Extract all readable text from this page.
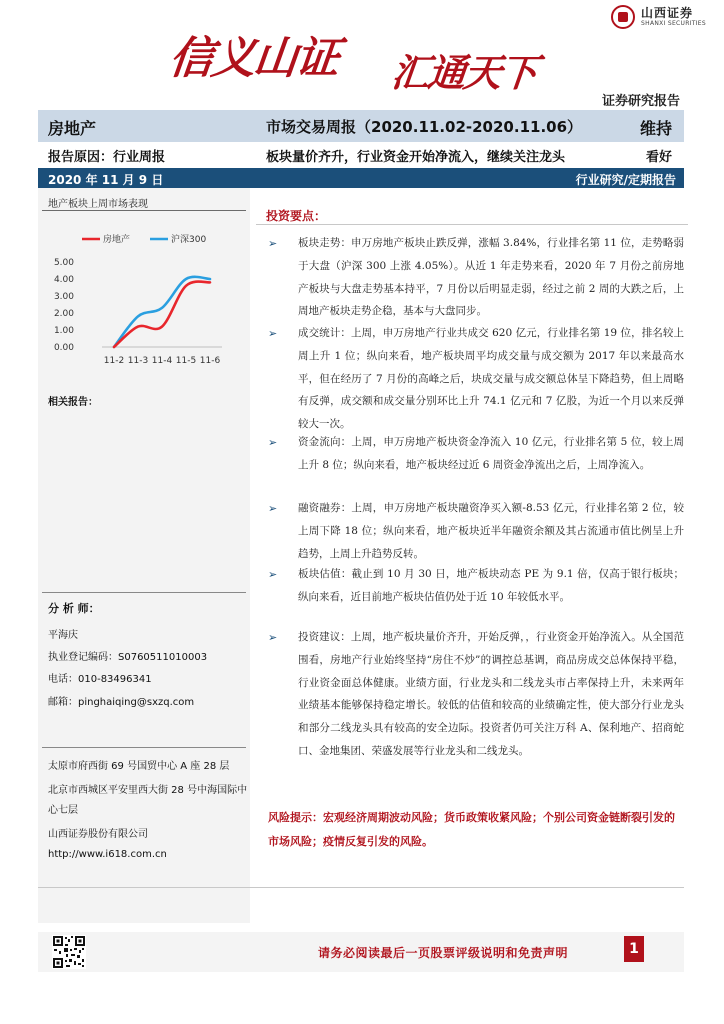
山西证券
SHANXI SECURITIES
信义山证 汇通天下
证券研究报告
房地产	市场交易周报（2020.11.02-2020.11.06）	维持
报告原因：行业周报	板块量价齐升，行业资金开始净流入，继续关注龙头	看好
2020 年 11 月 9 日	行业研究/定期报告
地产板块上周市场表现
房地产	沪深300
5.00
4.00
3.00
2.00
1.00
0.00
11-2 11-3 11-4 11-5 11-6
相关报告：
分 析 师：
平海庆
执业登记编码：S0760511010003
电话：010-83496341
邮箱：pinghaiqing@sxzq.com
太原市府西街 69 号国贸中心 A 座 28 层
北京市西城区平安里西大街 28 号中海国际中心七层
山西证券股份有限公司
http://www.i618.com.cn
投资要点：
➢ 板块走势：申万房地产板块止跌反弹，涨幅 3.84%，行业排名第 11 位，走势略弱于大盘（沪深 300 上涨 4.05%）。从近 1 年走势来看，2020 年 7 月份之前房地产板块与大盘走势基本持平，7 月份以后明显走弱，经过之前 2 周的大跌之后，上周地产板块走势企稳，基本与大盘同步。
➢ 成交统计：上周，申万房地产行业共成交 620 亿元，行业排名第 19 位，排名较上周上升 1 位；纵向来看，地产板块周平均成交量与成交额为 2017 年以来最高水平，但在经历了 7 月份的高峰之后，块成交量与成交额总体呈下降趋势，但上周略有反弹，成交额和成交量分别环比上升 74.1 亿元和 7 亿股，为近一个月以来反弹较大一次。
➢ 资金流向：上周，申万房地产板块资金净流入 10 亿元，行业排名第 5 位，较上周上升 8 位；纵向来看，地产板块经过近 6 周资金净流出之后，上周净流入。
➢ 融资融券：上周，申万房地产板块融资净买入额-8.53 亿元，行业排名第 2 位，较上周下降 18 位；纵向来看，地产板块近半年融资余额及其占流通市值比例呈上升趋势，上周上升趋势反转。
➢ 板块估值：截止到 10 月 30 日，地产板块动态 PE 为 9.1 倍，仅高于银行板块；纵向来看，近目前地产板块估值仍处于近 10 年较低水平。
➢ 投资建议：上周，地产板块量价齐升，开始反弹，，行业资金开始净流入。从全国范围看，房地产行业始终坚持“房住不炒”的调控总基调，商品房成交总体保持平稳，行业资金面总体健康。业绩方面，行业龙头和二线龙头市占率保持上升，未来两年业绩基本能够保持稳定增长。较低的估值和较高的业绩确定性，使大部分行业龙头和部分二线龙头具有较高的安全边际。投资者仍可关注万科 A、保利地产、招商蛇口、金地集团、荣盛发展等行业龙头和二线龙头。
风险提示：宏观经济周期波动风险；货币政策收紧风险；个别公司资金链断裂引发的市场风险；疫情反复引发的风险。
请务必阅读最后一页股票评级说明和免责声明	1
